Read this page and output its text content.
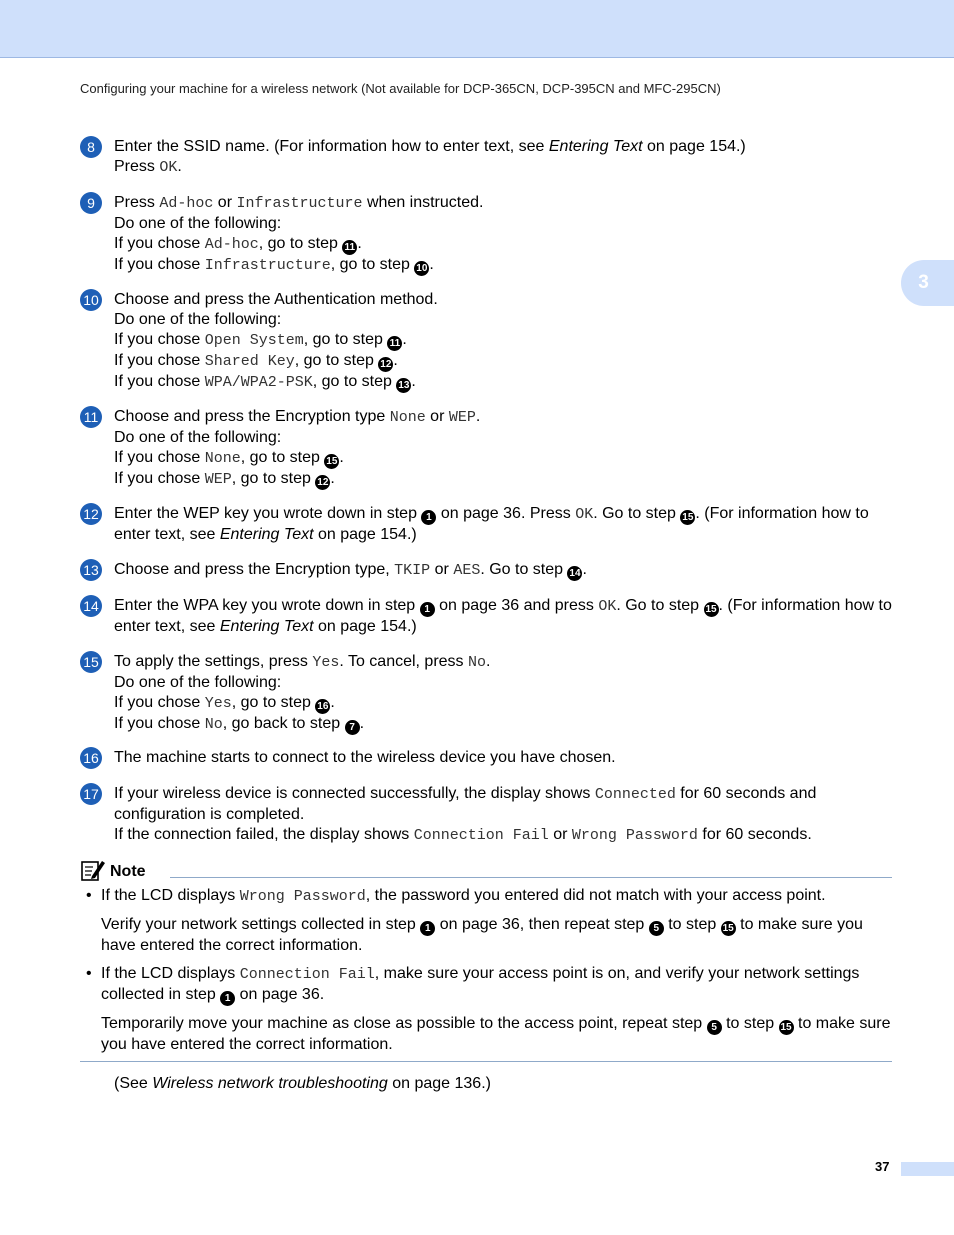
Configuring your machine for a wireless network (Not available for DCP-365CN, DCP-395CN and MFC-295CN)
3
8	Enter the SSID name. (For information how to enter text, see Entering Text on page 154.)
Press OK.
9	Press Ad-hoc or Infrastructure when instructed.
Do one of the following:
If you chose Ad-hoc, go to step 11 .
If you chose Infrastructure, go to step 10 .
10 Choose and press the Authentication method.
Do one of the following:
If you chose Open System, go to step 11 .
If you chose Shared Key, go to step 12 .
If you chose WPA/WPA2-PSK, go to step 13 .
11 Choose and press the Encryption type None or WEP.
Do one of the following:
If you chose None, go to step 15 .
If you chose WEP, go to step 12 .
12 Enter the WEP key you wrote down in step 1 on page 36. Press OK. Go to step 15 . (For information how to enter text, see Entering Text on page 154.)
13 Choose and press the Encryption type, TKIP or AES. Go to step 14 .
14 Enter the WPA key you wrote down in step 1 on page 36 and press OK. Go to step 15 . (For information how to enter text, see Entering Text on page 154.)
15 To apply the settings, press Yes. To cancel, press No.
Do one of the following:
If you chose Yes, go to step 16 .
If you chose No, go back to step 7 .
16 The machine starts to connect to the wireless device you have chosen.
17 If your wireless device is connected successfully, the display shows Connected for 60 seconds and configuration is completed.
If the connection failed, the display shows Connection Fail or Wrong Password for 60 seconds.
Note
• If the LCD displays Wrong Password, the password you entered did not match with your access point.

Verify your network settings collected in step 1 on page 36, then repeat step 5 to step 15 to make sure you have entered the correct information.

• If the LCD displays Connection Fail, make sure your access point is on, and verify your network settings collected in step 1 on page 36.

Temporarily move your machine as close as possible to the access point, repeat step 5 to step 15 to make sure you have entered the correct information.

(See Wireless network troubleshooting on page 136.)
37
